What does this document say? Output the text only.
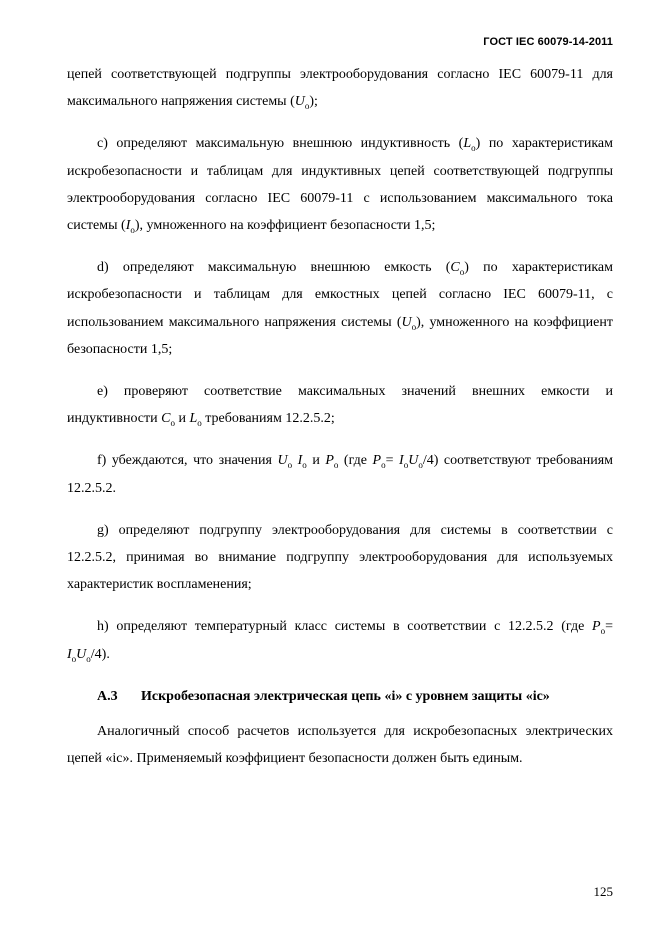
ГОСТ IEC 60079-14-2011

цепей соответствующей подгруппы электрооборудования согласно IEC 60079-11 для максимального напряжения системы $(U_o)$;

c) определяют максимальную внешнюю индуктивность $(L_o)$ по характеристикам искробезопасности и таблицам для индуктивных цепей соответствующей подгруппы электрооборудования согласно IEC 60079-11 с использованием максимального тока системы $(I_o)$, умноженного на коэффициент безопасности 1,5;

d) определяют максимальную внешнюю емкость $(C_o)$ по характеристикам искробезопасности и таблицам для емкостных цепей согласно IEC 60079-11, с использованием максимального напряжения системы $(U_o)$, умноженного на коэффициент безопасности 1,5;

e) проверяют соответствие максимальных значений внешних емкости и индуктивности $C_o$ и $L_o$ требованиям 12.2.5.2;

f) убеждаются, что значения $U_o$ $I_o$ и $P_o$ (где $P_o= I_oU_o/4$) соответствуют требованиям 12.2.5.2.

g) определяют подгруппу электрооборудования для системы в соответствии с 12.2.5.2, принимая во внимание подгруппу электрооборудования для используемых характеристик воспламенения;

h) определяют температурный класс системы в соответствии с 12.2.5.2 (где $P_o= I_oU_o/4$).

A.3 Искробезопасная электрическая цепь «i» с уровнем защиты «ic»

Аналогичный способ расчетов используется для искробезопасных электрических цепей «ic». Применяемый коэффициент безопасности должен быть единым.

125
